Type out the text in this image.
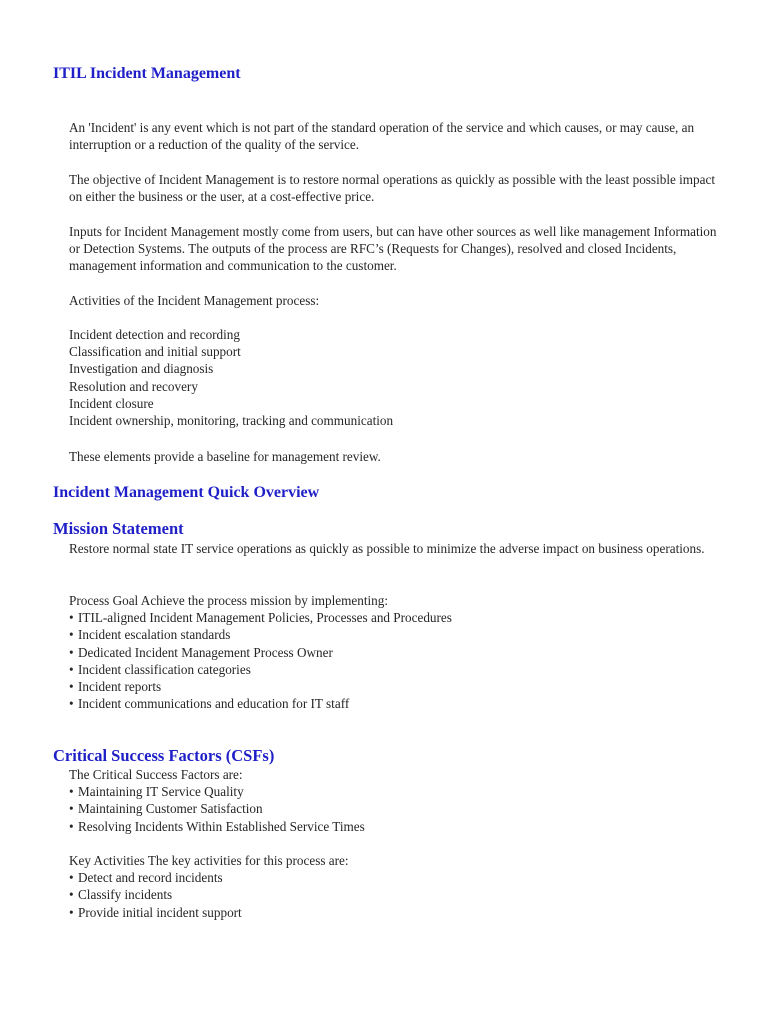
ITIL Incident Management

An 'Incident' is any event which is not part of the standard operation of the service and which causes, or may cause, an interruption or a reduction of the quality of the service.

The objective of Incident Management is to restore normal operations as quickly as possible with the least possible impact on either the business or the user, at a cost-effective price.

Inputs for Incident Management mostly come from users, but can have other sources as well like management Information or Detection Systems. The outputs of the process are RFC’s (Requests for Changes), resolved and closed Incidents, management information and communication to the customer.

Activities of the Incident Management process:

Incident detection and recording
Classification and initial support
Investigation and diagnosis
Resolution and recovery
Incident closure
Incident ownership, monitoring, tracking and communication

These elements provide a baseline for management review.

Incident Management Quick Overview
Mission Statement

Restore normal state IT service operations as quickly as possible to minimize the adverse impact on business operations.

Process Goal Achieve the process mission by implementing:
• ITIL-aligned Incident Management Policies, Processes and Procedures
• Incident escalation standards
• Dedicated Incident Management Process Owner
• Incident classification categories
• Incident reports
• Incident communications and education for IT staff
Critical Success Factors (CSFs)
The Critical Success Factors are:
• Maintaining IT Service Quality
• Maintaining Customer Satisfaction
• Resolving Incidents Within Established Service Times
Key Activities The key activities for this process are:
• Detect and record incidents
• Classify incidents
• Provide initial incident support
